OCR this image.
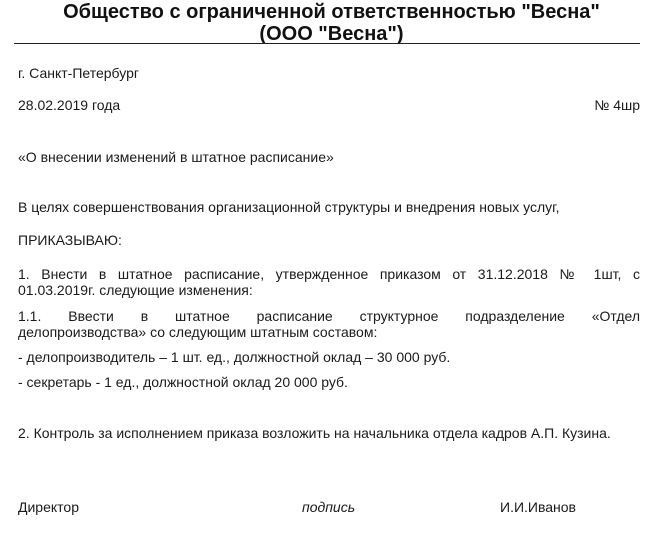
Общество с ограниченной ответственностью "Весна"
(ООО "Весна")
г. Санкт-Петербург
28.02.2019 года	№ 4шр
«О внесении изменений в штатное расписание»
В целях совершенствования организационной структуры и внедрения новых услуг,
ПРИКАЗЫВАЮ:
1. Внести в штатное расписание, утвержденное приказом от 31.12.2018 № 1шт, с
01.03.2019г. следующие изменения:
1.1. Ввести в штатное расписание структурное подразделение «Отдел
делопроизводства» со следующим штатным составом:
- делопроизводитель – 1 шт. ед., должностной оклад – 30 000 руб.
- секретарь - 1 ед., должностной оклад 20 000 руб.
2. Контроль за исполнением приказа возложить на начальника отдела кадров А.П. Кузина.
Директор	подпись	И.И.Иванов
